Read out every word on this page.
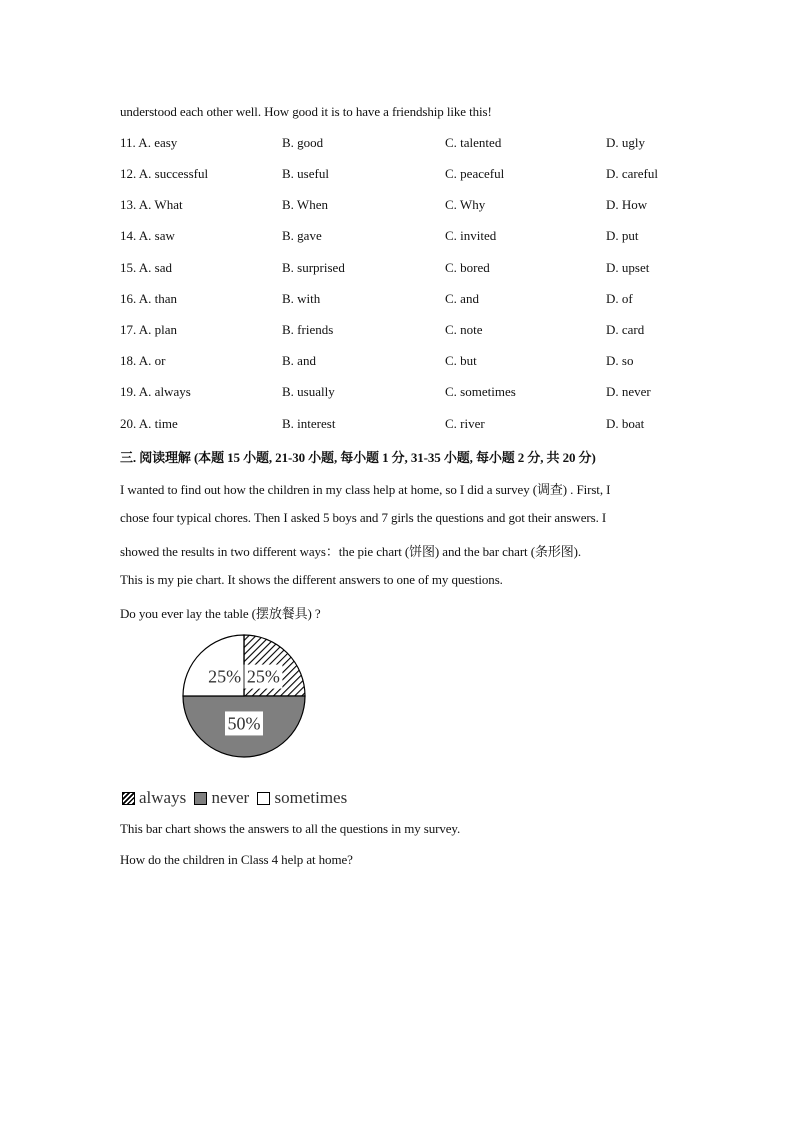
understood each other well. How good it is to have a friendship like this!
11. A. easy	B. good	C. talented	D. ugly
12. A. successful	B. useful	C. peaceful	D. careful
13. A. What	B. When	C. Why	D. How
14. A. saw	B. gave	C. invited	D. put
15. A. sad	B. surprised	C. bored	D. upset
16. A. than	B. with	C. and	D. of
17. A. plan	B. friends	C. note	D. card
18. A. or	B. and	C. but	D. so
19. A. always	B. usually	C. sometimes	D. never
20. A. time	B. interest	C. river	D. boat
三. 阅读理解 (本题 15 小题, 21-30 小题, 每小题 1 分, 31-35 小题, 每小题 2 分, 共 20 分)
I wanted to find out how the children in my class help at home, so I did a survey (调查) . First, I
chose four typical chores. Then I asked 5 boys and 7 girls the questions and got their answers. I
showed the results in two different ways：the pie chart (饼图) and the bar chart (条形图).
This is my pie chart. It shows the different answers to one of my questions.
Do you ever lay the table (摆放餐具) ?
25%
50%
25%
always never sometimes
This bar chart shows the answers to all the questions in my survey.
How do the children in Class 4 help at home?
